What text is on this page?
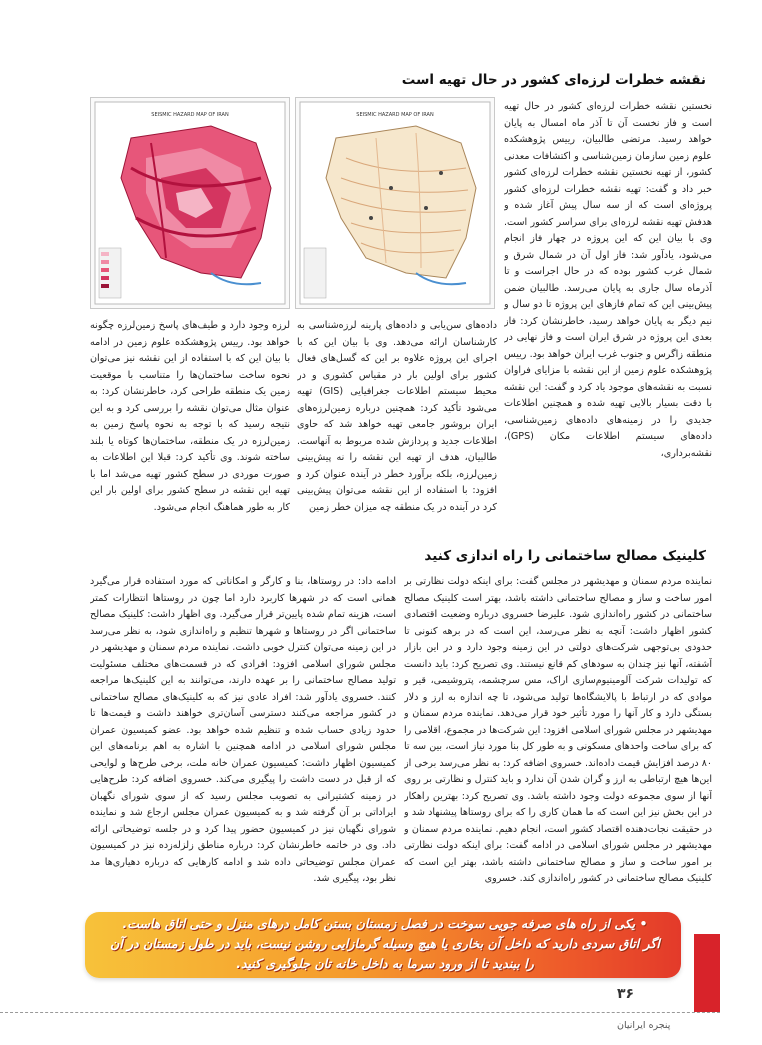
نقشه خطرات لرزه‌ای کشور در حال تهیه است
SEISMIC HAZARD MAP OF IRAN	SEISMIC HAZARD MAP OF IRAN

نخستین نقشه خطرات لرزه‌ای کشور در حال تهیه است و فاز نخست آن تا آذر ماه امسال به پایان خواهد رسید. مرتضی طالبیان، رییس پژوهشکده علوم زمین سازمان زمین‌شناسی و اکتشافات معدنی کشور، از تهیه نخستین نقشه خطرات لرزه‌ای کشور خبر داد و گفت: تهیه نقشه خطرات لرزه‌ای کشور پروژه‌ای است که از سه سال پیش آغاز شده و هدفش تهیه نقشه لرزه‌ای برای سراسر کشور است. وی با بیان این که این پروژه در چهار فاز انجام می‌شود، یادآور شد: فاز اول آن در شمال شرق و شمال غرب کشور بوده که در حال اجراست و تا آذرماه سال جاری به پایان می‌رسد. طالبیان ضمن پیش‌بینی این که تمام فازهای این پروژه تا دو سال و نیم دیگر به پایان خواهد رسید، خاطرنشان کرد: فاز بعدی این پروژه در شرق ایران است و فاز نهایی در منطقه زاگرس و جنوب غرب ایران خواهد بود. رییس پژوهشکده علوم زمین از این نقشه با مزایای فراوان نسبت به نقشه‌های موجود یاد کرد و گفت: این نقشه با دقت بسیار بالایی تهیه شده و همچنین اطلاعات جدیدی را در زمینه‌های داده‌های زمین‌شناسی، داده‌های سیستم اطلاعات مکان (GPS)، نقشه‌برداری،

داده‌های سن‌یابی و داده‌های پارینه لرزه‌شناسی به کارشناسان ارائه می‌دهد. وی با بیان این که با اجرای این پروژه علاوه بر این که گسل‌های فعال کشور برای اولین بار در مقیاس کشوری و در محیط سیستم اطلاعات جغرافیایی (GIS) تهیه می‌شود تأکید کرد: همچنین درباره زمین‌لرزه‌های ایران بروشور جامعی تهیه خواهد شد که حاوی اطلاعات جدید و پردازش شده مربوط به آنهاست. طالبیان، هدف از تهیه این نقشه را نه پیش‌بینی زمین‌لرزه، بلکه برآورد خطر در آینده عنوان کرد و افزود: با استفاده از این نقشه می‌توان پیش‌بینی کرد در آینده در یک منطقه چه میزان خطر زمین

لرزه وجود دارد و طیف‌های پاسخ زمین‌لرزه چگونه خواهد بود. رییس پژوهشکده علوم زمین در ادامه با بیان این که با استفاده از این نقشه نیز می‌توان نحوه ساخت ساختمان‌ها را متناسب با موقعیت زمین یک منطقه طراحی کرد، خاطرنشان کرد: به عنوان مثال می‌توان نقشه را بررسی کرد و به این نتیجه رسید که با توجه به نحوه پاسخ زمین به زمین‌لرزه در یک منطقه، ساختمان‌ها کوتاه یا بلند ساخته شوند. وی تأکید کرد: قبلا این اطلاعات به صورت موردی در سطح کشور تهیه می‌شد اما با تهیه این نقشه در سطح کشور برای اولین بار این کار به طور هماهنگ انجام می‌شود.

کلینیک مصالح ساختمانی را راه اندازی کنید

نماینده مردم سمنان و مهدیشهر در مجلس گفت: برای اینکه دولت نظارتی بر امور ساخت و ساز و مصالح ساختمانی داشته باشد، بهتر است کلینیک مصالح ساختمانی در کشور راه‌اندازی شود. علیرضا خسروی درباره وضعیت اقتصادی کشور اظهار داشت: آنچه به نظر می‌رسد، این است که در برهه کنونی تا حدودی بی‌توجهی شرکت‌های دولتی در این زمینه وجود دارد و در این بازار آشفته، آنها نیز چندان به سودهای کم قانع نیستند. وی تصریح کرد: باید دانست که تولیدات شرکت آلومینیوم‌سازی اراک، مس سرچشمه، پتروشیمی، قیر و موادی که در ارتباط با پالایشگاه‌ها تولید می‌شود، تا چه اندازه به ارز و دلار بستگی دارد و کار آنها را مورد تأثیر خود قرار می‌دهد. نماینده مردم سمنان و مهدیشهر در مجلس شورای اسلامی افزود: این شرکت‌ها در مجموع، اقلامی را که برای ساخت واحدهای مسکونی و به طور کل بنا مورد نیاز است، بین سه تا ۸۰ درصد افزایش قیمت داده‌اند. خسروی اضافه کرد: به نظر می‌رسد برخی از این‌ها هیچ ارتباطی به ارز و گران شدن آن ندارد و باید کنترل و نظارتی بر روی آنها از سوی مجموعه دولت وجود داشته باشد. وی تصریح کرد: بهترین راهکار در این بخش نیز این است که ما همان کاری را که برای روستاها پیشنهاد شد و در حقیقت نجات‌دهنده اقتصاد کشور است، انجام دهیم. نماینده مردم سمنان و مهدیشهر در مجلس شورای اسلامی در ادامه گفت: برای اینکه دولت نظارتی بر امور ساخت و ساز و مصالح ساختمانی داشته باشد، بهتر این است که کلینیک مصالح ساختمانی در کشور راه‌اندازی کند. خسروی

ادامه داد: در روستاها، بنا و کارگر و امکاناتی که مورد استفاده قرار می‌گیرد همانی است که در شهرها کاربرد دارد اما چون در روستاها انتظارات کمتر است، هزینه تمام شده پایین‌تر قرار می‌گیرد. وی اظهار داشت: کلینیک مصالح ساختمانی اگر در روستاها و شهرها تنظیم و راه‌اندازی شود، به نظر می‌رسد در این زمینه می‌توان کنترل خوبی داشت. نماینده مردم سمنان و مهدیشهر در مجلس شورای اسلامی افزود: افرادی که در قسمت‌های مختلف مسئولیت تولید مصالح ساختمانی را بر عهده دارند، می‌توانند به این کلینیک‌ها مراجعه کنند. خسروی یادآور شد: افراد عادی نیز که به کلینیک‌های مصالح ساختمانی در کشور مراجعه می‌کنند دسترسی آسان‌تری خواهند داشت و قیمت‌ها تا حدود زیادی حساب شده و تنظیم شده خواهد بود. عضو کمیسیون عمران مجلس شورای اسلامی در ادامه همچنین با اشاره به اهم برنامه‌های این کمیسیون اظهار داشت: کمیسیون عمران خانه ملت، برخی طرح‌ها و لوایحی که از قبل در دست داشت را پیگیری می‌کند. خسروی اضافه کرد: طرح‌هایی در زمینه کشتیرانی به تصویب مجلس رسید که از سوی شورای نگهبان ایراداتی بر آن گرفته شد و به کمیسیون عمران مجلس ارجاع شد و نماینده شورای نگهبان نیز در کمیسیون حضور پیدا کرد و در جلسه توضیحاتی ارائه داد. وی در خاتمه خاطرنشان کرد: درباره مناطق زلزله‌زده نیز در کمیسیون عمران مجلس توضیحاتی داده شد و ادامه کارهایی که درباره دهیاری‌ها مد نظر بود، پیگیری شد.

• یکی از راه های صرفه جویی سوخت در فصل زمستان بستن کامل درهای منزل و حتی اتاق هاست.
اگر اتاق سردی دارید که داخل آن بخاری یا هیچ وسیله گرمازایی روشن نیست، باید در طول زمستان در آن
را ببندید تا از ورود سرما به داخل خانه تان جلوگیری کنید.
۳۶
پنجره ایرانیان
